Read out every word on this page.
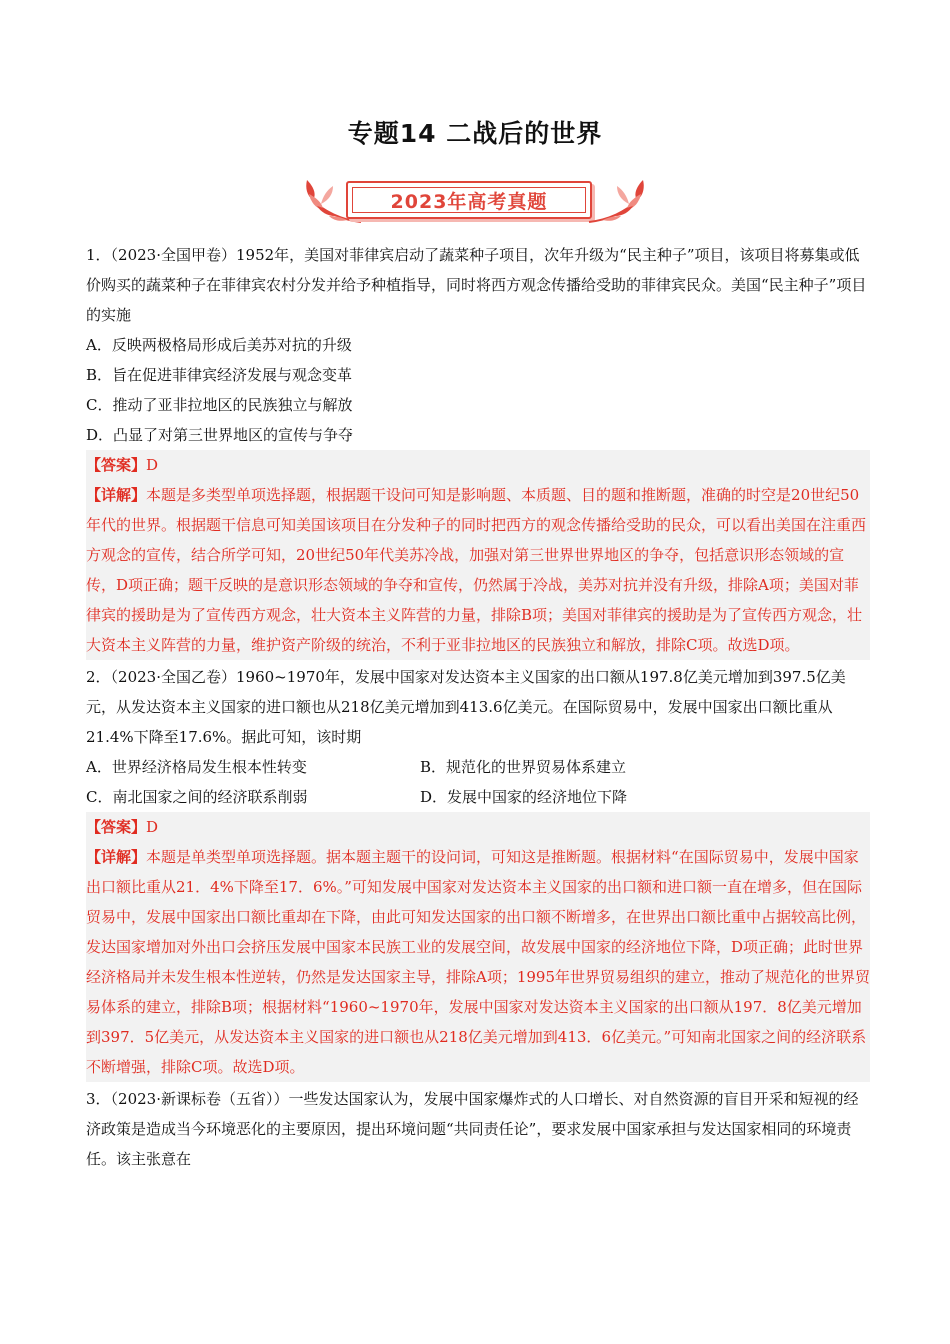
专题14 二战后的世界
2023年高考真题

1．（2023·全国甲卷）1952年，美国对菲律宾启动了蔬菜种子项目，次年升级为“民主种子”项目，该项目将募集或低价购买的蔬菜种子在菲律宾农村分发并给予种植指导，同时将西方观念传播给受助的菲律宾民众。美国“民主种子”项目的实施

A．反映两极格局形成后美苏对抗的升级

B．旨在促进菲律宾经济发展与观念变革

C．推动了亚非拉地区的民族独立与解放

D．凸显了对第三世界地区的宣传与争夺

【答案】D

【详解】本题是多类型单项选择题，根据题干设问可知是影响题、本质题、目的题和推断题，准确的时空是20世纪50年代的世界。根据题干信息可知美国该项目在分发种子的同时把西方的观念传播给受助的民众，可以看出美国在注重西方观念的宣传，结合所学可知，20世纪50年代美苏冷战，加强对第三世界世界地区的争夺，包括意识形态领域的宣传，D项正确；题干反映的是意识形态领域的争夺和宣传，仍然属于冷战，美苏对抗并没有升级，排除A项；美国对菲律宾的援助是为了宣传西方观念，壮大资本主义阵营的力量，排除B项；美国对菲律宾的援助是为了宣传西方观念，壮大资本主义阵营的力量，维护资产阶级的统治，不利于亚非拉地区的民族独立和解放，排除C项。故选D项。

2．（2023·全国乙卷）1960~1970年，发展中国家对发达资本主义国家的出口额从197.8亿美元增加到397.5亿美元，从发达资本主义国家的进口额也从218亿美元增加到413.6亿美元。在国际贸易中，发展中国家出口额比重从21.4%下降至17.6%。据此可知，该时期

A．世界经济格局发生根本性转变	B．规范化的世界贸易体系建立

C．南北国家之间的经济联系削弱	D．发展中国家的经济地位下降

【答案】D

【详解】本题是单类型单项选择题。据本题主题干的设问词，可知这是推断题。根据材料“在国际贸易中，发展中国家出口额比重从21．4%下降至17．6%。”可知发展中国家对发达资本主义国家的出口额和进口额一直在增多，但在国际贸易中，发展中国家出口额比重却在下降，由此可知发达国家的出口额不断增多，在世界出口额比重中占据较高比例，发达国家增加对外出口会挤压发展中国家本民族工业的发展空间，故发展中国家的经济地位下降，D项正确；此时世界经济格局并未发生根本性逆转，仍然是发达国家主导，排除A项；1995年世界贸易组织的建立，推动了规范化的世界贸易体系的建立，排除B项；根据材料“1960~1970年，发展中国家对发达资本主义国家的出口额从197．8亿美元增加到397．5亿美元，从发达资本主义国家的进口额也从218亿美元增加到413．6亿美元。”可知南北国家之间的经济联系不断增强，排除C项。故选D项。

3．（2023·新课标卷（五省））一些发达国家认为，发展中国家爆炸式的人口增长、对自然资源的盲目开采和短视的经济政策是造成当今环境恶化的主要原因，提出环境问题“共同责任论”，要求发展中国家承担与发达国家相同的环境责任。该主张意在
